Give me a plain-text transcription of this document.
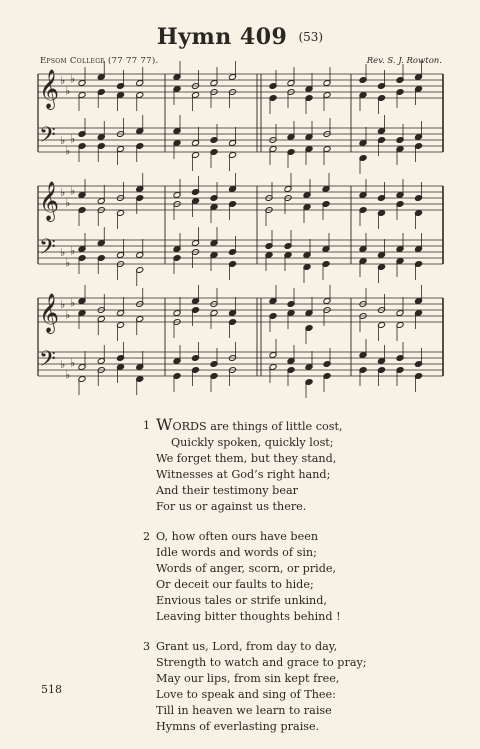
Hymn 409 (53)
Epsom College (77 77 77).	Rev. S. J. Rowton.
𝄞 ♭
♭
♭
𝄢 ♭
♭
♭
𝄞 ♭
♭
♭
𝄢 ♭
♭
♭
𝄞 ♭
♭
♭
𝄢 ♭
♭
♭
1 WORDS are things of little cost,
Quickly spoken, quickly lost;
We forget them, but they stand,
Witnesses at God’s right hand;
And their testimony bear
For us or against us there.
2 O, how often ours have been
Idle words and words of sin;
Words of anger, scorn, or pride,
Or deceit our faults to hide;
Envious tales or strife unkind,
Leaving bitter thoughts behind !
3 Grant us, Lord, from day to day,
Strength to watch and grace to pray;
May our lips, from sin kept free,
Love to speak and sing of Thee:
Till in heaven we learn to raise
Hymns of everlasting praise.
518
